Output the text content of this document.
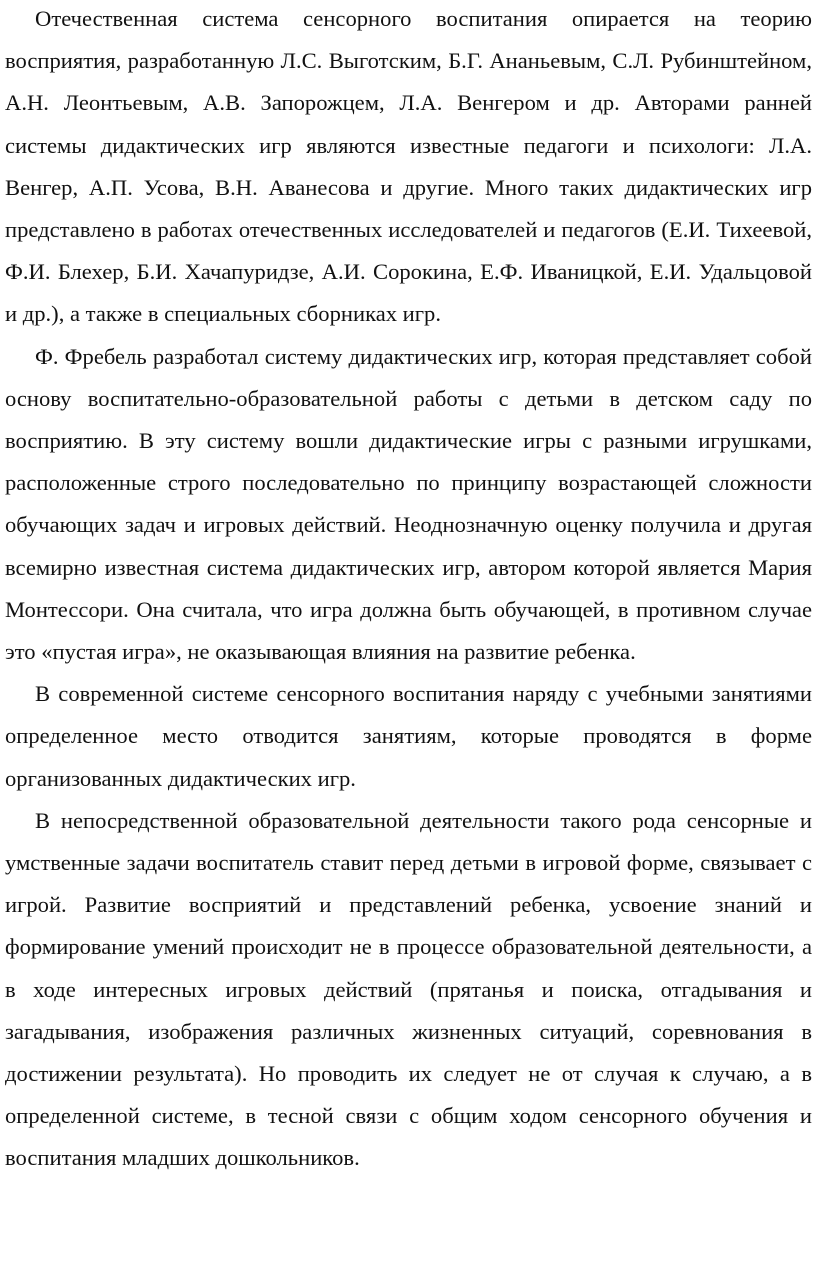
Отечественная система сенсорного воспитания опирается на теорию восприятия, разработанную Л.С. Выготским, Б.Г. Ананьевым, С.Л. Рубинштейном, А.Н. Леонтьевым, А.В. Запорожцем, Л.А. Венгером и др. Авторами ранней системы дидактических игр являются известные педагоги и психологи: Л.А. Венгер, А.П. Усова, В.Н. Аванесова и другие. Много таких дидактических игр представлено в работах отечественных исследователей и педагогов (Е.И. Тихеевой, Ф.И. Блехер, Б.И. Хачапуридзе, А.И. Сорокина, Е.Ф. Иваницкой, Е.И. Удальцовой и др.), а также в специальных сборниках игр.

Ф. Фребель разработал систему дидактических игр, которая представляет собой основу воспитательно-образовательной работы с детьми в детском саду по восприятию. В эту систему вошли дидактические игры с разными игрушками, расположенные строго последовательно по принципу возрастающей сложности обучающих задач и игровых действий. Неоднозначную оценку получила и другая всемирно известная система дидактических игр, автором которой является Мария Монтессори. Она считала, что игра должна быть обучающей, в противном случае это «пустая игра», не оказывающая влияния на развитие ребенка.

В современной системе сенсорного воспитания наряду с учебными занятиями определенное место отводится занятиям, которые проводятся в форме организованных дидактических игр.

В непосредственной образовательной деятельности такого рода сенсорные и умственные задачи воспитатель ставит перед детьми в игровой форме, связывает с игрой. Развитие восприятий и представлений ребенка, усвоение знаний и формирование умений происходит не в процессе образовательной деятельности, а в ходе интересных игровых действий (прятанья и поиска, отгадывания и загадывания, изображения различных жизненных ситуаций, соревнования в достижении результата). Но проводить их следует не от случая к случаю, а в определенной системе, в тесной связи с общим ходом сенсорного обучения и воспитания младших дошкольников.
